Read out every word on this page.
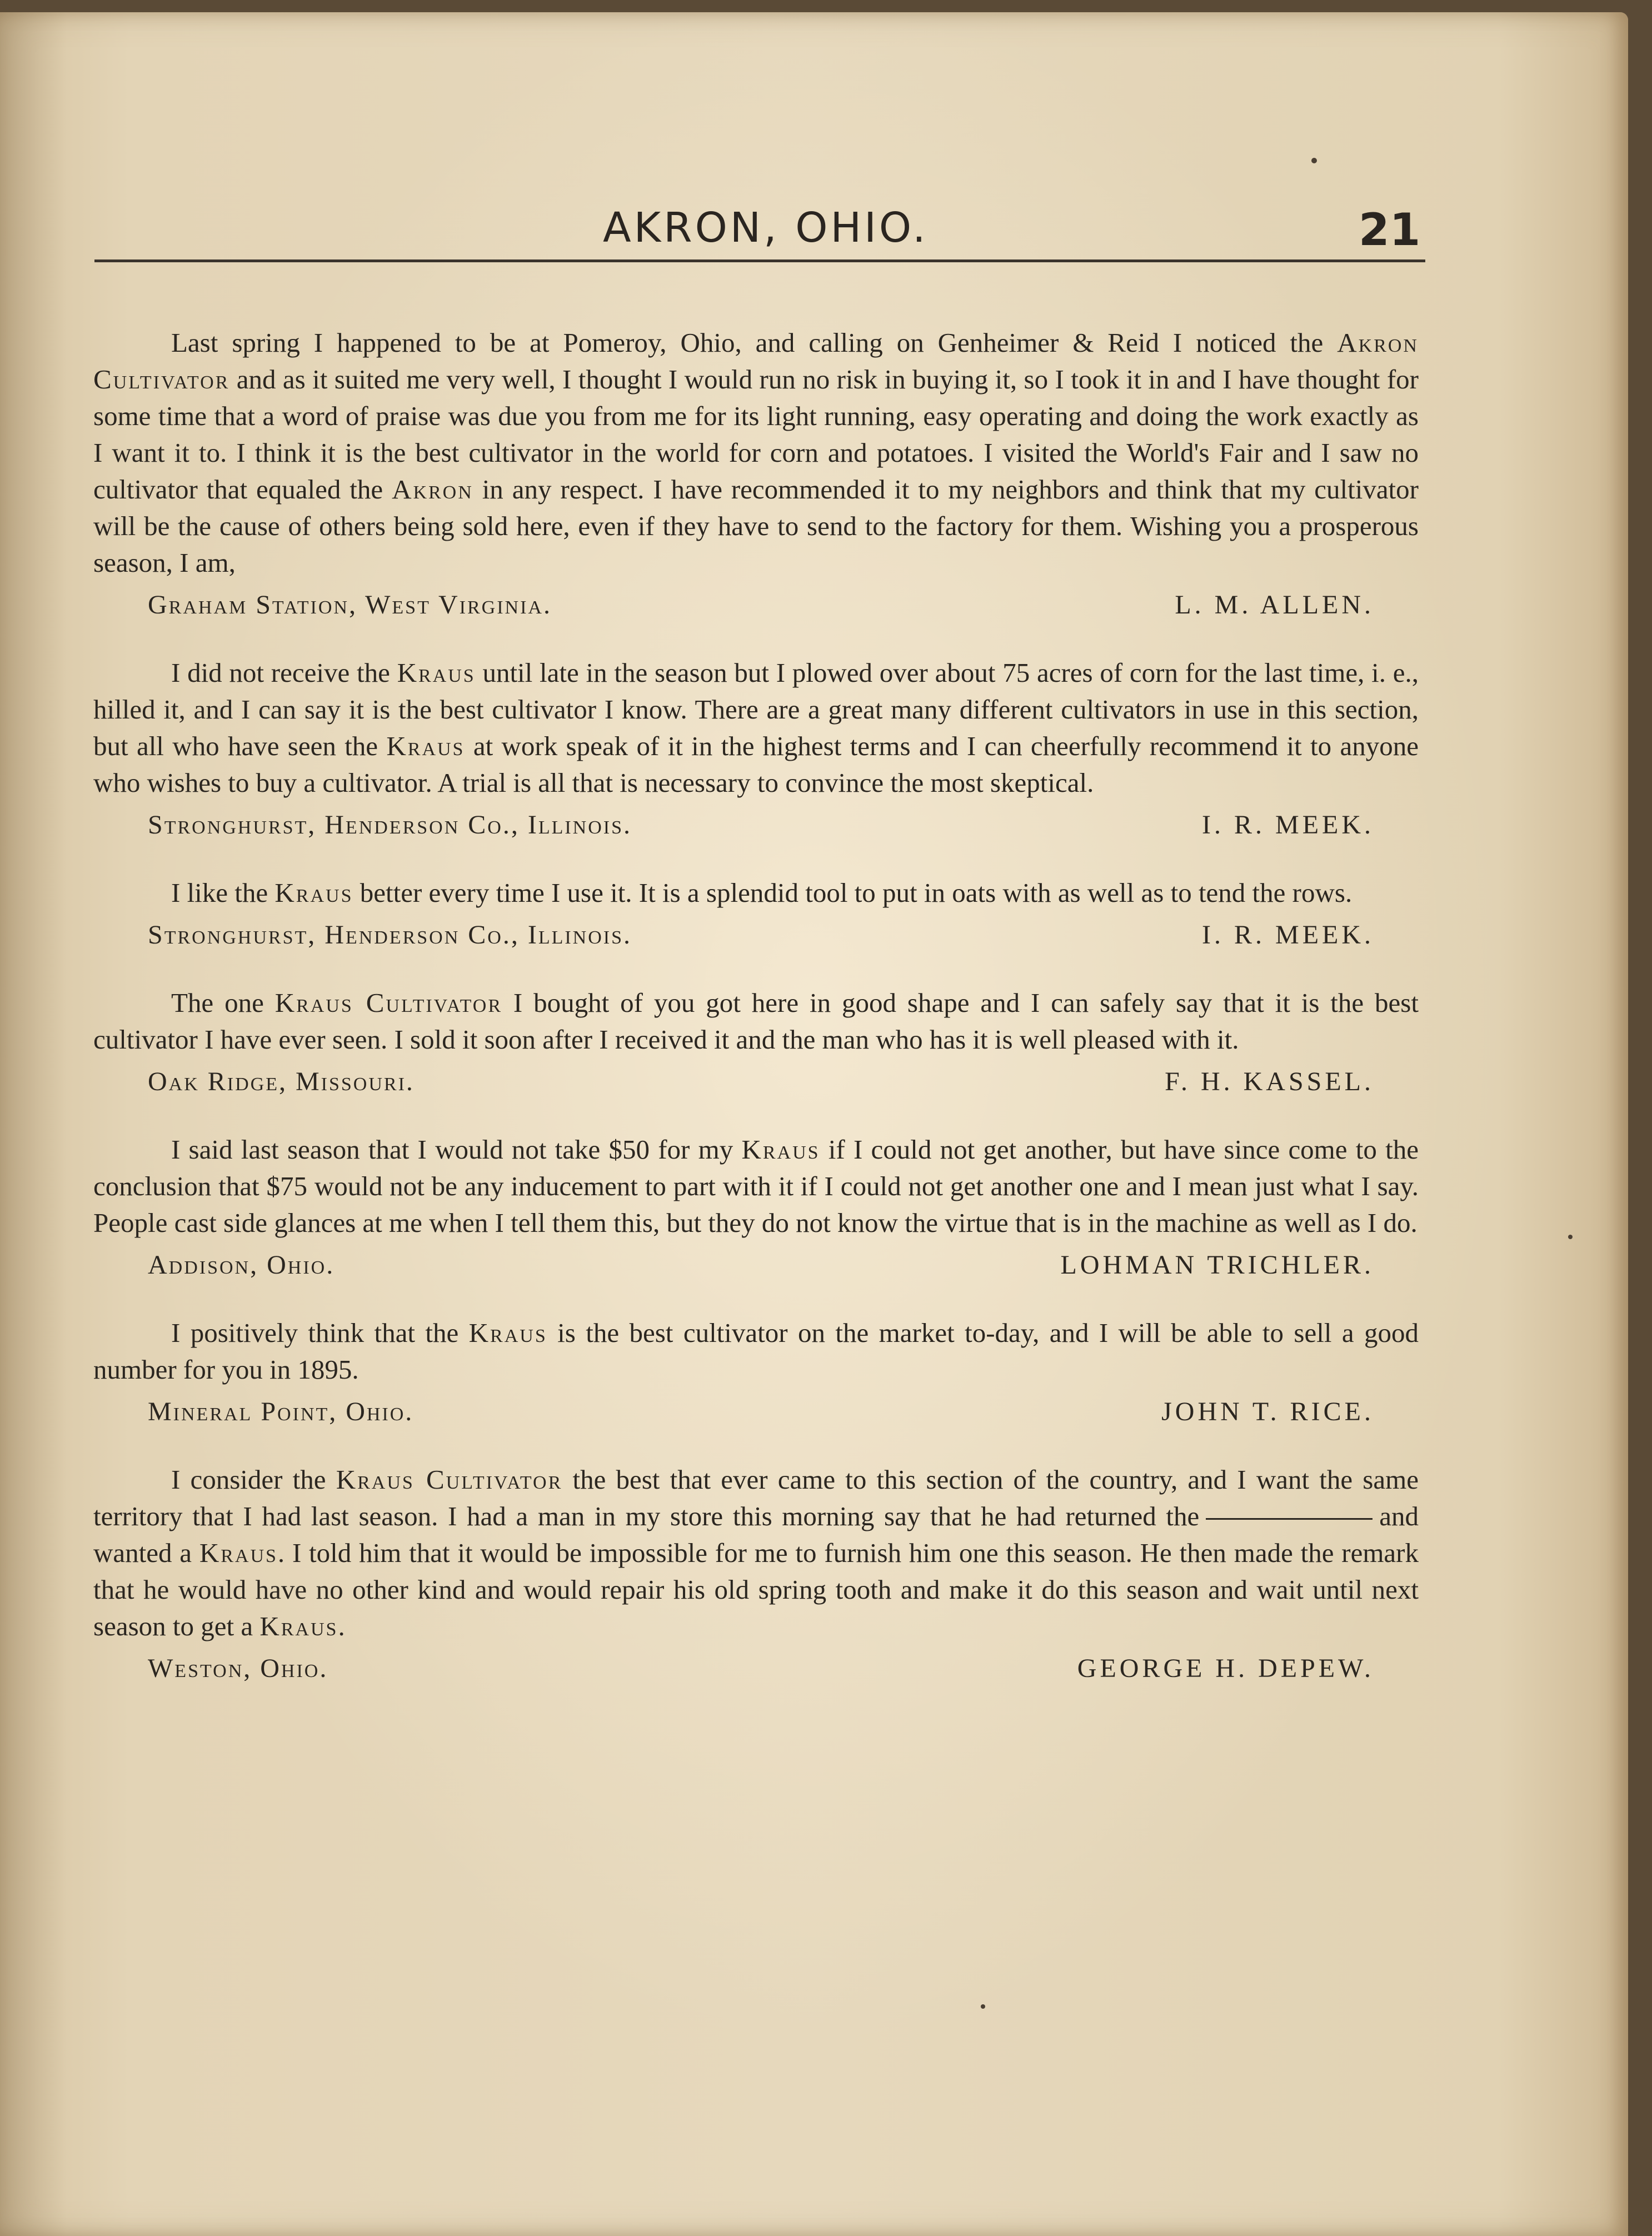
AKRON, OHIO.	21

Last spring I happened to be at Pomeroy, Ohio, and calling on Genheimer & Reid I noticed the Akron Cultivator and as it suited me very well, I thought I would run no risk in buying it, so I took it in and I have thought for some time that a word of praise was due you from me for its light running, easy operating and doing the work exactly as I want it to. I think it is the best cultivator in the world for corn and potatoes. I visited the World's Fair and I saw no cultivator that equaled the Akron in any respect. I have recommended it to my neighbors and think that my cultivator will be the cause of others being sold here, even if they have to send to the factory for them. Wishing you a prosperous season, I am,

Graham Station, West Virginia.	L. M. ALLEN.

I did not receive the Kraus until late in the season but I plowed over about 75 acres of corn for the last time, i. e., hilled it, and I can say it is the best cultivator I know. There are a great many different cultivators in use in this section, but all who have seen the Kraus at work speak of it in the highest terms and I can cheerfully recommend it to anyone who wishes to buy a cultivator. A trial is all that is necessary to convince the most skeptical.

Stronghurst, Henderson Co., Illinois.	I. R. MEEK.

I like the Kraus better every time I use it. It is a splendid tool to put in oats with as well as to tend the rows.

Stronghurst, Henderson Co., Illinois.	I. R. MEEK.

The one Kraus Cultivator I bought of you got here in good shape and I can safely say that it is the best cultivator I have ever seen. I sold it soon after I received it and the man who has it is well pleased with it.

Oak Ridge, Missouri.	F. H. KASSEL.

I said last season that I would not take $50 for my Kraus if I could not get another, but have since come to the conclusion that $75 would not be any inducement to part with it if I could not get another one and I mean just what I say. People cast side glances at me when I tell them this, but they do not know the virtue that is in the machine as well as I do.

Addison, Ohio.	LOHMAN TRICHLER.

I positively think that the Kraus is the best cultivator on the market to-day, and I will be able to sell a good number for you in 1895.

Mineral Point, Ohio.	JOHN T. RICE.

I consider the Kraus Cultivator the best that ever came to this section of the country, and I want the same territory that I had last season. I had a man in my store this morning say that he had returned the	and wanted a Kraus. I told him that it would be impossible for me to furnish him one this season. He then made the remark that he would have no other kind and would repair his old spring tooth and make it do this season and wait until next season to get a Kraus.

Weston, Ohio.	GEORGE H. DEPEW.
